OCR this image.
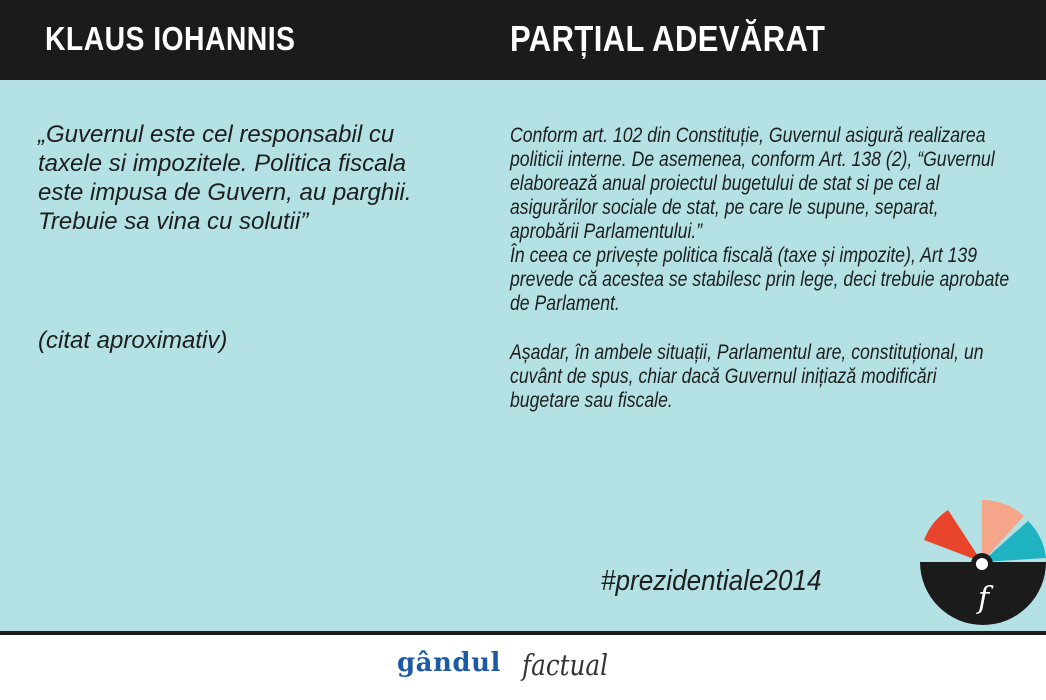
KLAUS IOHANNIS	PARȚIAL ADEVĂRAT

„Guvernul este cel responsabil cu taxele si impozitele. Politica fiscala este impusa de Guvern, au parghii. Trebuie sa vina cu solutii”

(citat aproximativ)

Conform art. 102 din Constituție, Guvernul asigură realizarea politicii interne. De asemenea, conform Art. 138 (2), “Guvernul elaborează anual proiectul bugetului de stat si pe cel al asigurărilor sociale de stat, pe care le supune, separat, aprobării Parlamentului.”

În ceea ce privește politica fiscală (taxe și impozite), Art 139 prevede că acestea se stabilesc prin lege, deci trebuie aprobate de Parlament.

Așadar, în ambele situații, Parlamentul are, constituțional, un cuvânt de spus, chiar dacă Guvernul inițiază modificări bugetare sau fiscale.

#prezidentiale2014	f
gândul factual
